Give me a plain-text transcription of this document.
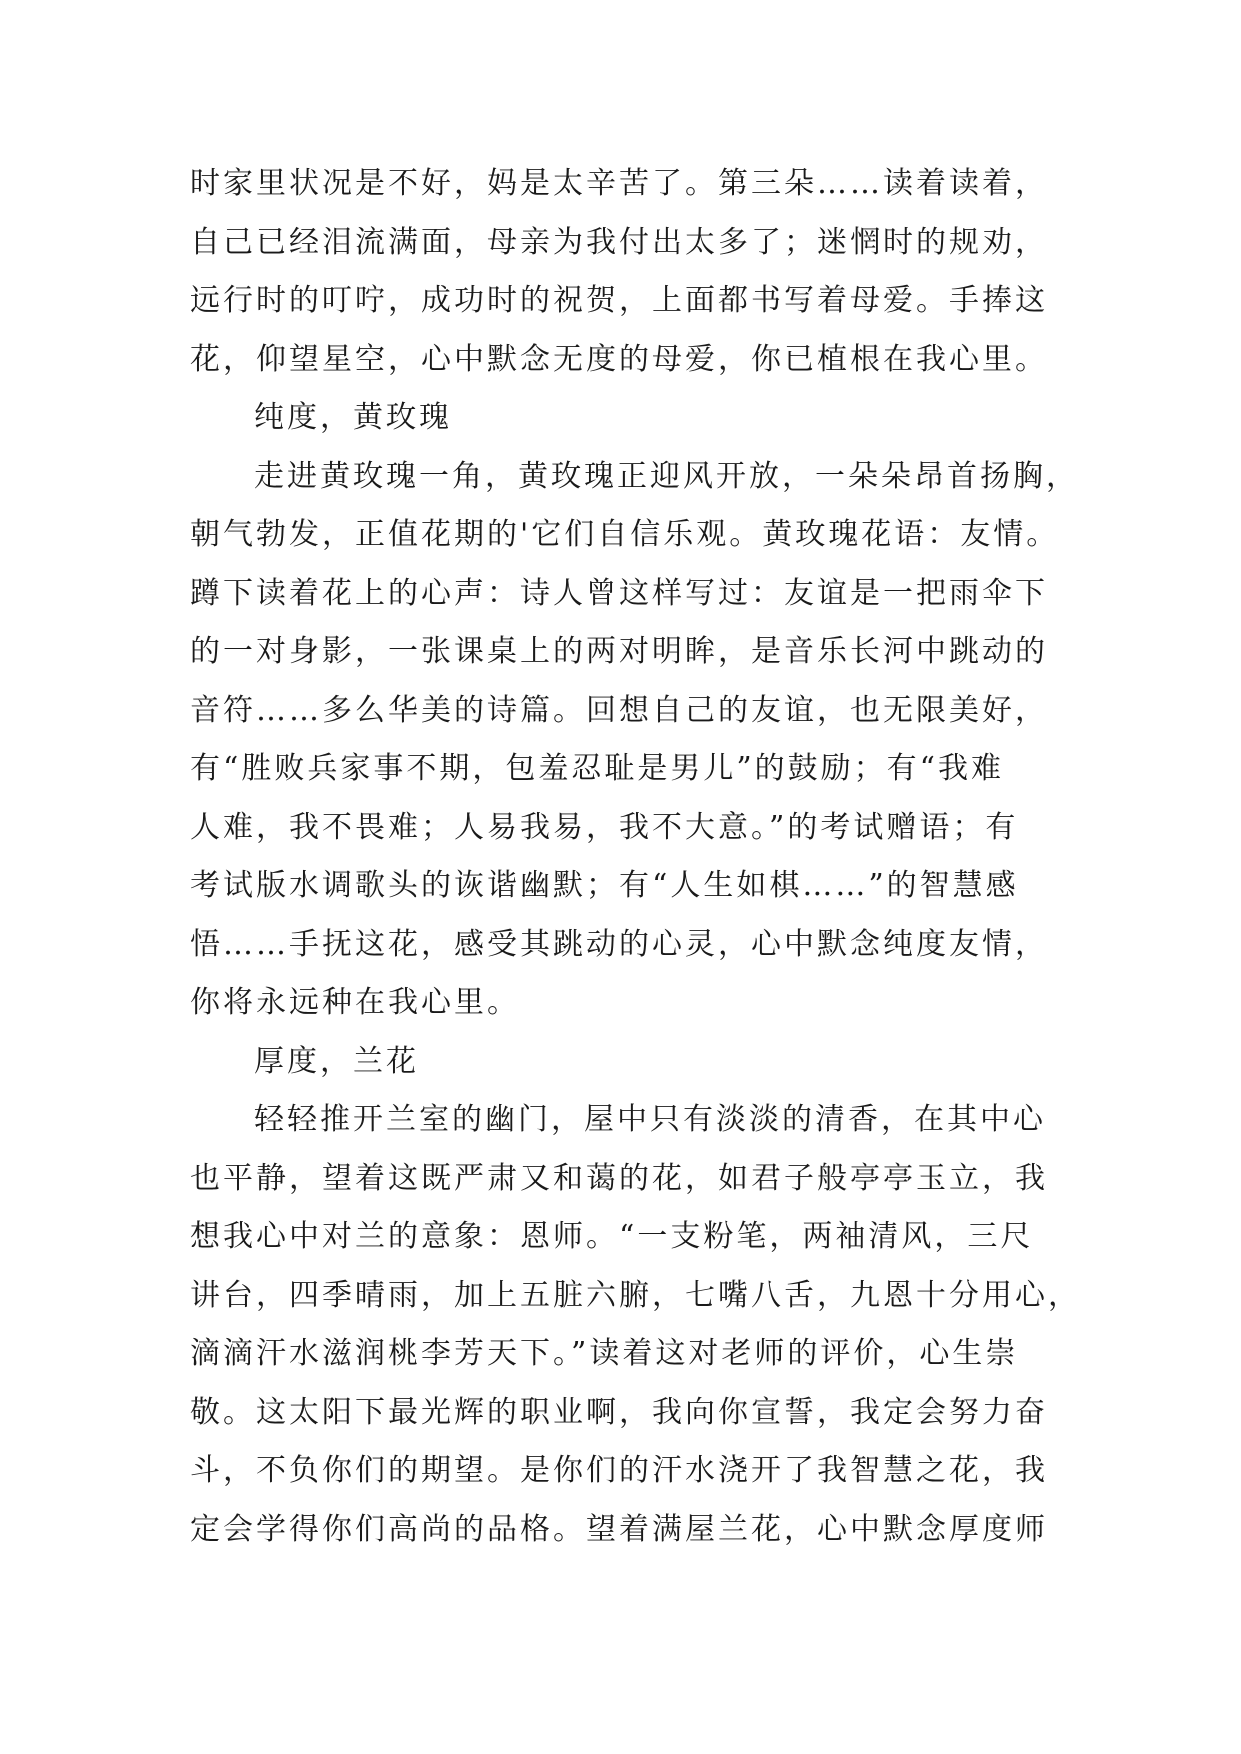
时家里状况是不好，妈是太辛苦了。第三朵……读着读着，
自己已经泪流满面，母亲为我付出太多了；迷惘时的规劝，
远行时的叮咛，成功时的祝贺，上面都书写着母爱。手捧这
花，仰望星空，心中默念无度的母爱，你已植根在我心里。
纯度，黄玫瑰
走进黄玫瑰一角，黄玫瑰正迎风开放，一朵朵昂首扬胸，
朝气勃发，正值花期的'它们自信乐观。黄玫瑰花语：友情。
蹲下读着花上的心声：诗人曾这样写过：友谊是一把雨伞下
的一对身影，一张课桌上的两对明眸，是音乐长河中跳动的
音符……多么华美的诗篇。回想自己的友谊，也无限美好，
有“胜败兵家事不期，包羞忍耻是男儿”的鼓励；有“我难
人难，我不畏难；人易我易，我不大意。”的考试赠语；有
考试版水调歌头的诙谐幽默；有“人生如棋……”的智慧感
悟……手抚这花，感受其跳动的心灵，心中默念纯度友情，
你将永远种在我心里。
厚度，兰花
轻轻推开兰室的幽门，屋中只有淡淡的清香，在其中心
也平静，望着这既严肃又和蔼的花，如君子般亭亭玉立，我
想我心中对兰的意象：恩师。“一支粉笔，两袖清风，三尺
讲台，四季晴雨，加上五脏六腑，七嘴八舌，九恩十分用心，
滴滴汗水滋润桃李芳天下。”读着这对老师的评价，心生崇
敬。这太阳下最光辉的职业啊，我向你宣誓，我定会努力奋
斗，不负你们的期望。是你们的汗水浇开了我智慧之花，我
定会学得你们高尚的品格。望着满屋兰花，心中默念厚度师
